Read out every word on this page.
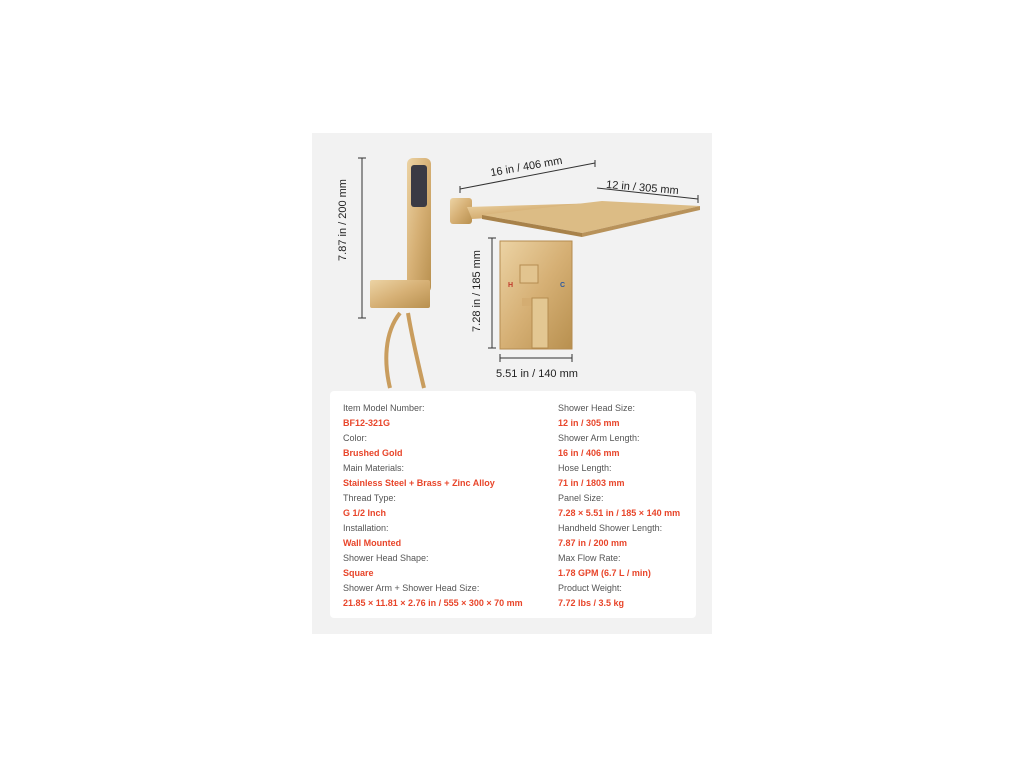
16 in / 406 mm
12 in / 305 mm
7.87 in / 200 mm
7.28 in / 185 mm
5.51 in / 140 mm
H	C
Item Model Number:
BF12-321G
Color:
Brushed Gold
Main Materials:
Stainless Steel + Brass + Zinc Alloy
Thread Type:
G 1/2 Inch
Installation:
Wall Mounted
Shower Head Shape:
Square
Shower Arm + Shower Head Size:
21.85 × 11.81 × 2.76 in / 555 × 300 × 70 mm
Shower Head Size:
12 in / 305 mm
Shower Arm Length:
16 in / 406 mm
Hose Length:
71 in / 1803 mm
Panel Size:
7.28 × 5.51 in / 185 × 140 mm
Handheld Shower Length:
7.87 in / 200 mm
Max Flow Rate:
1.78 GPM (6.7 L / min)
Product Weight:
7.72 lbs / 3.5 kg
